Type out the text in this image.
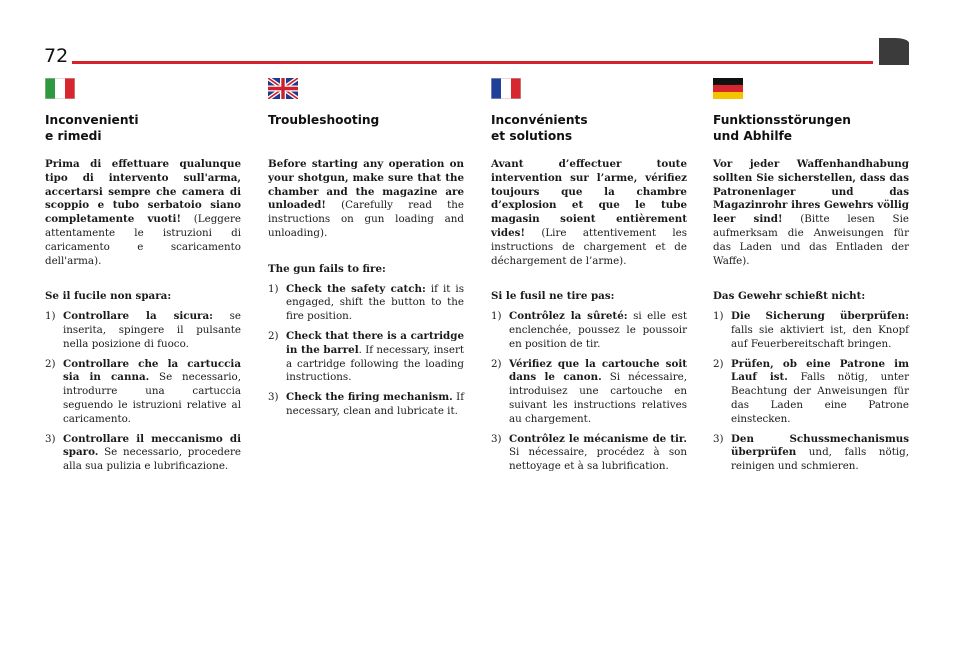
72
Inconvenienti
e rimedi

Prima di effettuare qualunque tipo di intervento sull'arma, accertarsi sempre che camera di scoppio e tubo serbatoio siano completamente vuoti! (Leggere attentamente le istruzioni di caricamento e scaricamento dell'arma).

Se il fucile non spara:

1) Controllare la sicura: se inserita, spingere il pulsante nella posizione di fuoco.
2) Controllare che la cartuccia sia in canna. Se necessario, introdurre una cartuccia seguendo le istruzioni relative al caricamento.
3) Controllare il meccanismo di sparo. Se necessario, procedere alla sua pulizia e lubrificazione.
Troubleshooting

Before starting any operation on your shotgun, make sure that the chamber and the magazine are unloaded! (Carefully read the instructions on gun loading and unloading).

The gun fails to fire:

1) Check the safety catch: if it is engaged, shift the button to the fire position.
2) Check that there is a cartridge in the barrel. If necessary, insert a cartridge following the loading instructions.
3) Check the firing mechanism. If necessary, clean and lubricate it.
Inconvénients
et solutions

Avant d’effectuer toute intervention sur l’arme, vérifiez toujours que la chambre d’explosion et que le tube magasin soient entièrement vides! (Lire attentivement les instructions de chargement et de déchargement de l’arme).

Si le fusil ne tire pas:

1) Contrôlez la sûreté: si elle est enclenchée, poussez le poussoir en position de tir.
2) Vérifiez que la cartouche soit dans le canon. Si nécessaire, introduisez une cartouche en suivant les instructions relatives au chargement.
3) Contrôlez le mécanisme de tir. Si nécessaire, procédez à son nettoyage et à sa lubrification.
Funktionsstörungen
und Abhilfe

Vor jeder Waffenhandhabung sollten Sie sicherstellen, dass das Patronenlager und das Magazinrohr ihres Gewehrs völlig leer sind! (Bitte lesen Sie aufmerksam die Anweisungen für das Laden und das Entladen der Waffe).

Das Gewehr schießt nicht:

1) Die Sicherung überprüfen: falls sie aktiviert ist, den Knopf auf Feuerbereitschaft bringen.
2) Prüfen, ob eine Patrone im Lauf ist. Falls nötig, unter Beachtung der Anweisungen für das Laden eine Patrone einstecken.
3) Den Schussmechanismus überprüfen und, falls nötig, reinigen und schmieren.
